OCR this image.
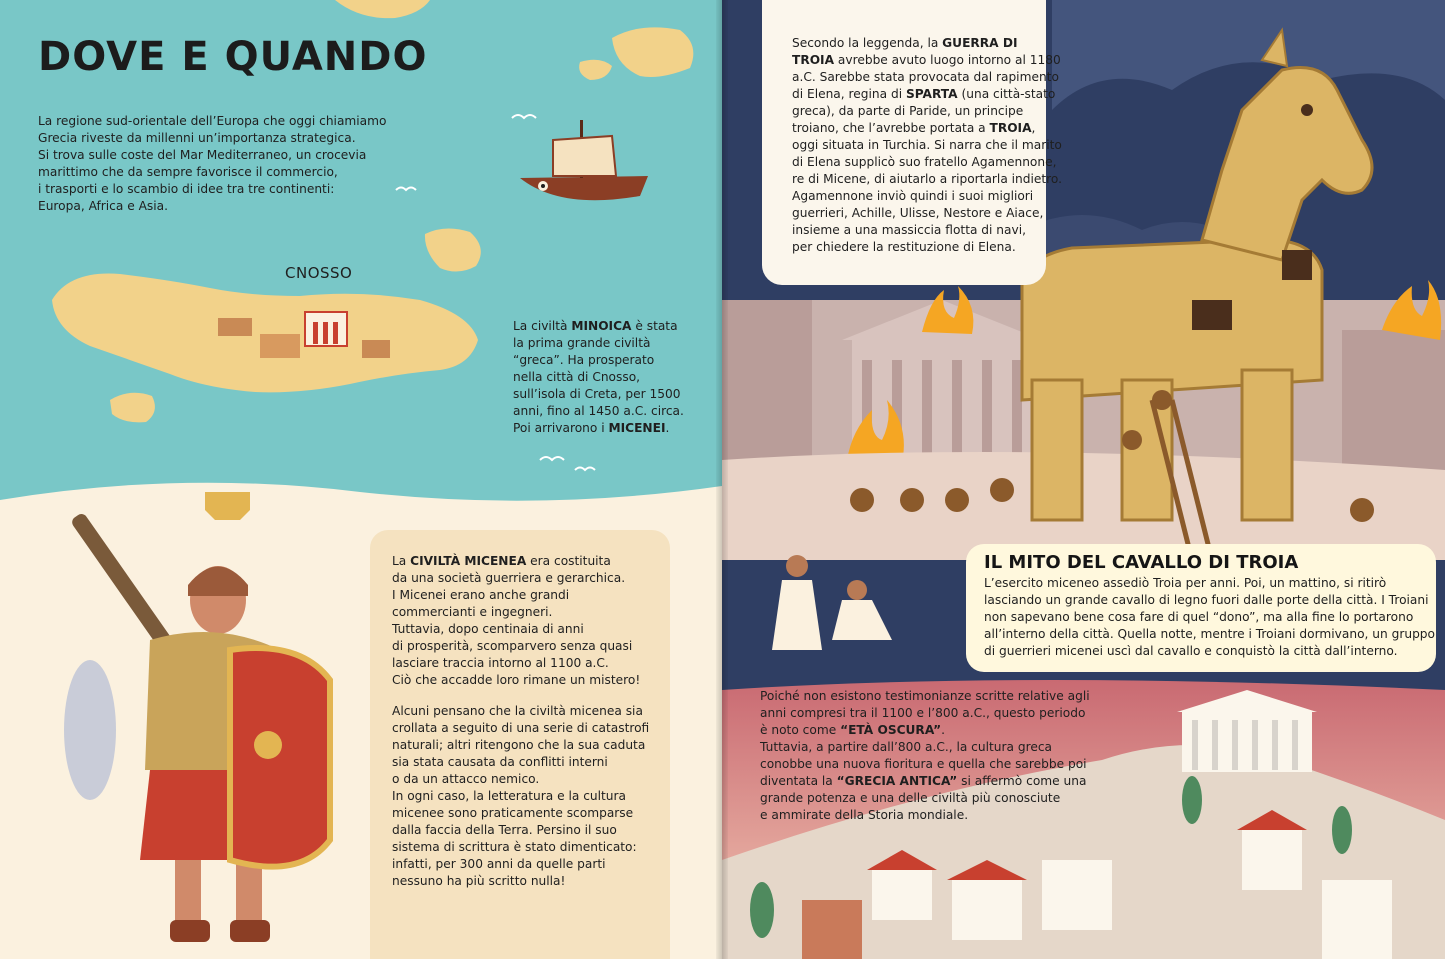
DOVE E QUANDO

La regione sud-orientale dell’Europa che oggi chiamiamo
Grecia riveste da millenni un’importanza strategica.
Si trova sulle coste del Mar Mediterraneo, un crocevia
marittimo che da sempre favorisce il commercio,
i trasporti e lo scambio di idee tra tre continenti:
Europa, Africa e Asia.

CNOSSO

La civiltà MINOICA è stata
la prima grande civiltà
“greca”. Ha prosperato
nella città di Cnosso,
sull’isola di Creta, per 1500
anni, fino al 1450 a.C. circa.
Poi arrivarono i MICENEI.

La CIVILTÀ MICENEA era costituita
da una società guerriera e gerarchica.
I Micenei erano anche grandi
commercianti e ingegneri.
Tuttavia, dopo centinaia di anni
di prosperità, scomparvero senza quasi
lasciare traccia intorno al 1100 a.C.
Ciò che accadde loro rimane un mistero!

Alcuni pensano che la civiltà micenea sia
crollata a seguito di una serie di catastrofi
naturali; altri ritengono che la sua caduta
sia stata causata da conflitti interni
o da un attacco nemico.
In ogni caso, la letteratura e la cultura
micenee sono praticamente scomparse
dalla faccia della Terra. Persino il suo
sistema di scrittura è stato dimenticato:
infatti, per 300 anni da quelle parti
nessuno ha più scritto nulla!

Secondo la leggenda, la GUERRA DI
TROIA avrebbe avuto luogo intorno al 1180
a.C. Sarebbe stata provocata dal rapimento
di Elena, regina di SPARTA (una città-stato
greca), da parte di Paride, un principe
troiano, che l’avrebbe portata a TROIA,
oggi situata in Turchia. Si narra che il marito
di Elena supplicò suo fratello Agamennone,
re di Micene, di aiutarlo a riportarla indietro.
Agamennone inviò quindi i suoi migliori
guerrieri, Achille, Ulisse, Nestore e Aiace,
insieme a una massiccia flotta di navi,
per chiedere la restituzione di Elena.

IL MITO DEL CAVALLO DI TROIA

L’esercito miceneo assediò Troia per anni. Poi, un mattino, si ritirò
lasciando un grande cavallo di legno fuori dalle porte della città. I Troiani
non sapevano bene cosa fare di quel “dono”, ma alla fine lo portarono
all’interno della città. Quella notte, mentre i Troiani dormivano, un gruppo
di guerrieri micenei uscì dal cavallo e conquistò la città dall’interno.

Poiché non esistono testimonianze scritte relative agli
anni compresi tra il 1100 e l’800 a.C., questo periodo
è noto come “ETÀ OSCURA”.
Tuttavia, a partire dall’800 a.C., la cultura greca
conobbe una nuova fioritura e quella che sarebbe poi
diventata la “GRECIA ANTICA” si affermò come una
grande potenza e una delle civiltà più conosciute
e ammirate della Storia mondiale.
